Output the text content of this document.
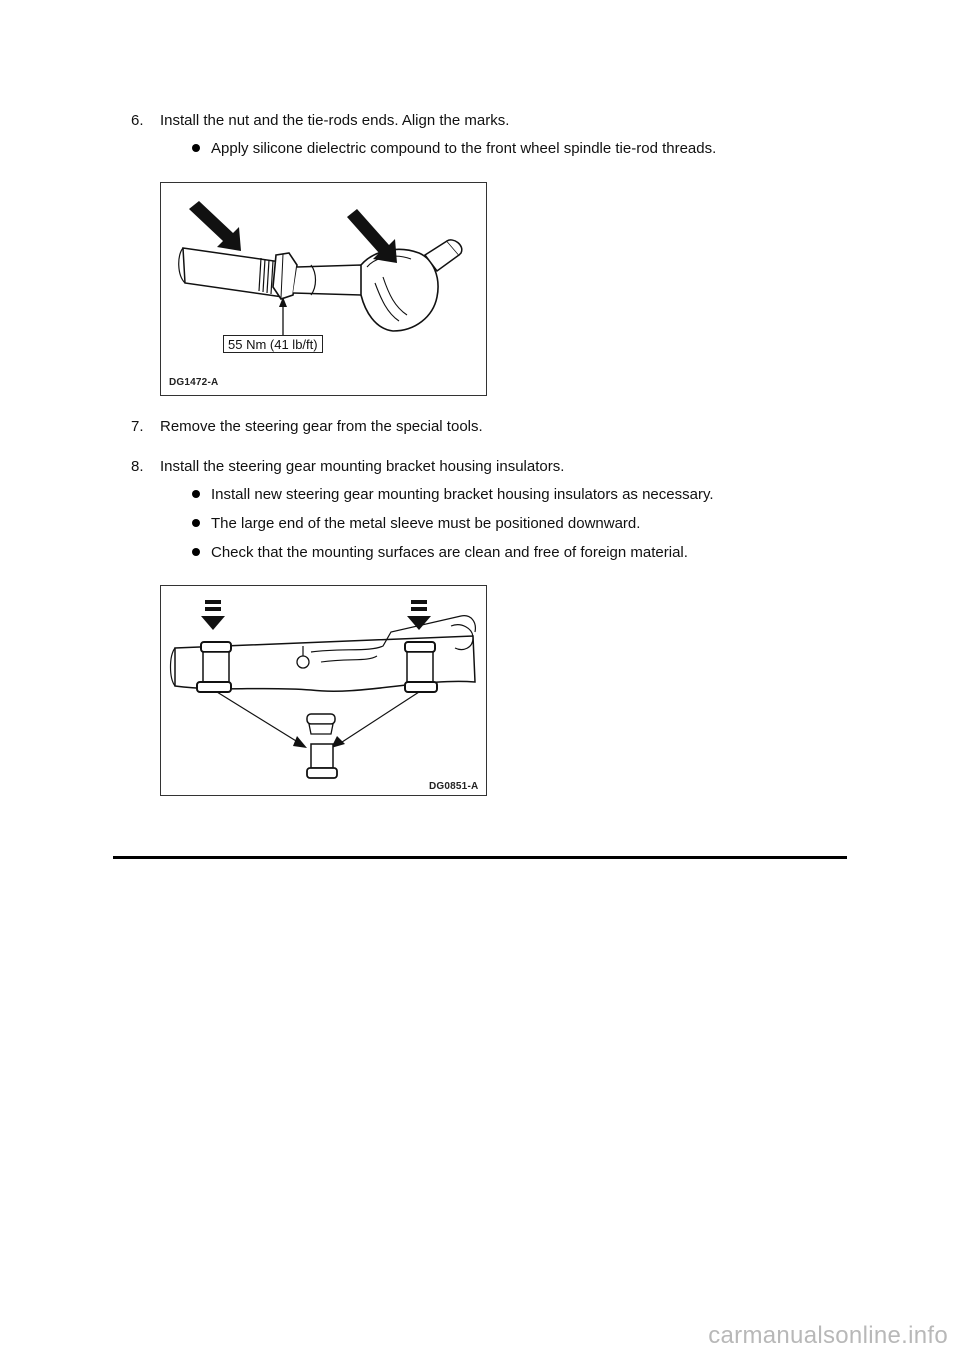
6. Install the nut and the tie-rods ends. Align the marks.
Apply silicone dielectric compound to the front wheel spindle tie-rod threads.
55 Nm (41 lb/ft)
DG1472-A
7. Remove the steering gear from the special tools.
8. Install the steering gear mounting bracket housing insulators.
Install new steering gear mounting bracket housing insulators as necessary.
The large end of the metal sleeve must be positioned downward.
Check that the mounting surfaces are clean and free of foreign material.
DG0851-A
carmanualsonline.info
